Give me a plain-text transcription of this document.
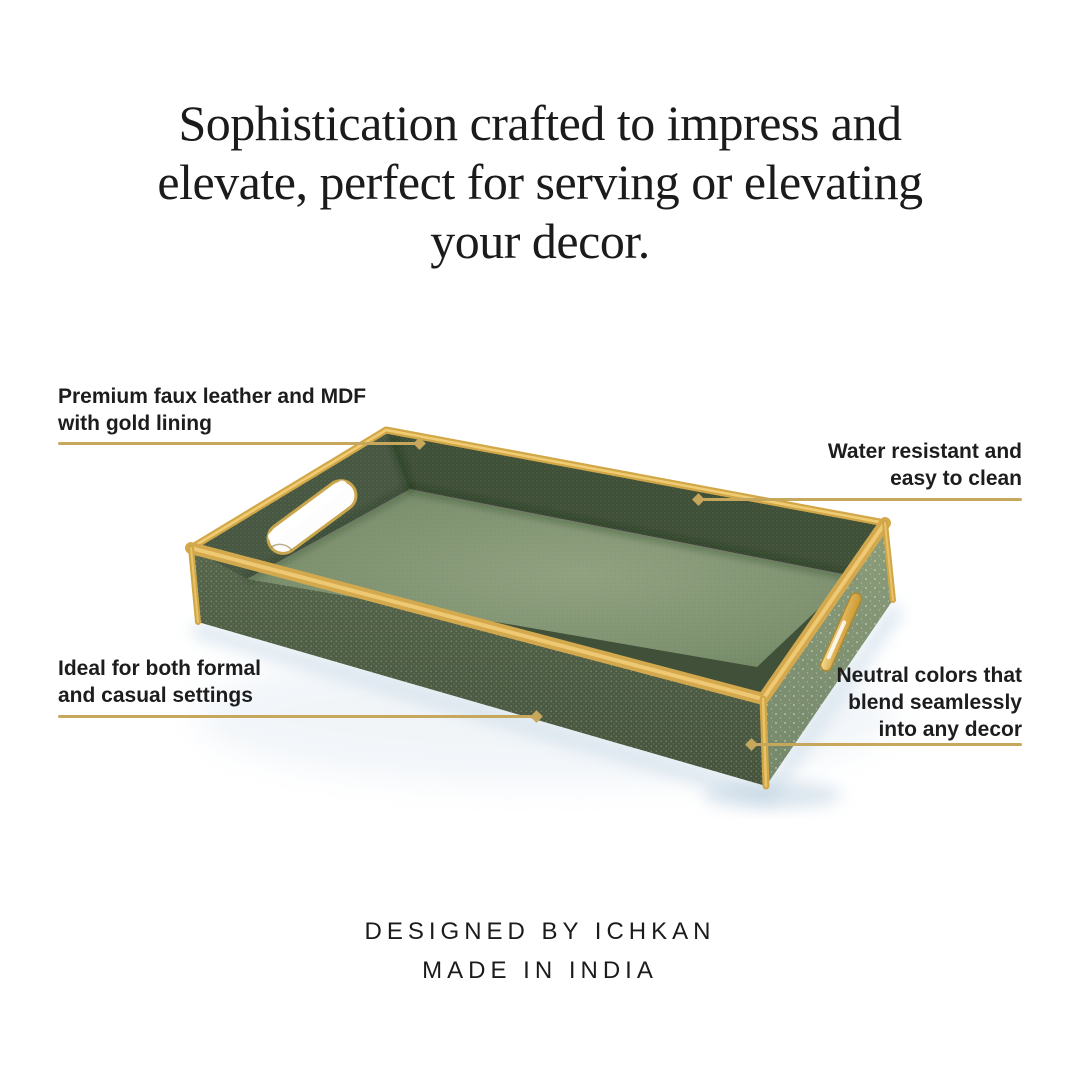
Sophistication crafted to impress and
elevate, perfect for serving or elevating
your decor.
Premium faux leather and MDF
with gold lining
Water resistant and
easy to clean
Ideal for both formal
and casual settings
Neutral colors that
blend seamlessly
into any decor
DESIGNED BY ICHKAN
MADE IN INDIA
